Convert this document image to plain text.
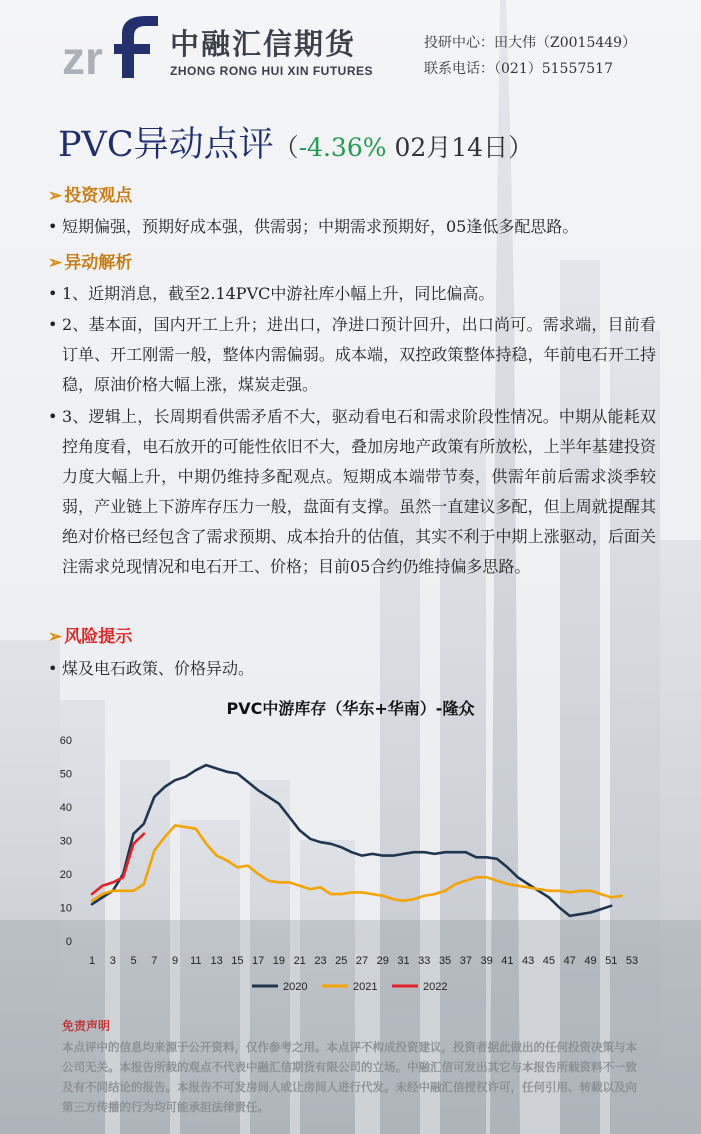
zr 中融汇信期货
ZHONG RONG HUI XIN FUTURES
投研中心：田大伟（Z0015449）
联系电话：（021）51557517
PVC异动点评（-4.36% 02月14日）
➢ 投资观点
• 短期偏强，预期好成本强，供需弱；中期需求预期好，05逢低多配思路。
➢ 异动解析
• 1、近期消息，截至2.14PVC中游社库小幅上升，同比偏高。
• 2、基本面，国内开工上升；进出口，净进口预计回升，出口尚可。需求端，目前看订单、开工刚需一般，整体内需偏弱。成本端，双控政策整体持稳，年前电石开工持稳，原油价格大幅上涨，煤炭走强。
• 3、逻辑上，长周期看供需矛盾不大，驱动看电石和需求阶段性情况。中期从能耗双控角度看，电石放开的可能性依旧不大，叠加房地产政策有所放松，上半年基建投资力度大幅上升，中期仍维持多配观点。短期成本端带节奏，供需年前后需求淡季较弱，产业链上下游库存压力一般，盘面有支撑。虽然一直建议多配，但上周就提醒其绝对价格已经包含了需求预期、成本抬升的估值，其实不利于中期上涨驱动，后面关注需求兑现情况和电石开工、价格；目前05合约仍维持偏多思路。
➢ 风险提示
• 煤及电石政策、价格异动。
PVC中游库存（华东+华南）-隆众
0
10
20
30
40
50
60
1 3 5 7 9 11 13 15 17 19 21 23 25 27 29 31 33 35 37 39 41 43 45 47 49 51 53
2020	2021	2022
免责声明
本点评中的信息均来源于公开资料，仅作参考之用。本点评不构成投资建议，投资者据此做出的任何投资决策与本公司无关。本报告所载的观点不代表中融汇信期货有限公司的立场。中融汇信可发出其它与本报告所载资料不一致及有不同结论的报告。本报告不可发房间人或让房间人进行代发。未经中融汇信授权许可，任何引用、转载以及向第三方传播的行为均可能承担法律责任。
